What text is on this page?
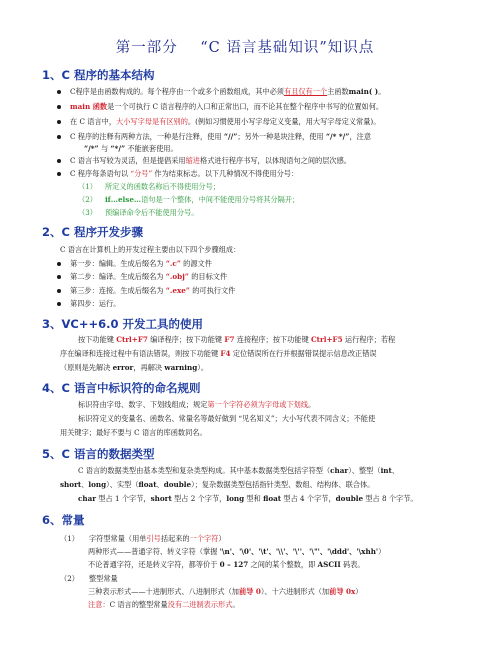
第一部分 “C 语言基础知识”知识点
1、C 程序的基本结构
C程序是由函数构成的。每个程序由一个或多个函数组成，其中必须有且仅有一个主函数main( )。
main 函数是一个可执行 C 语言程序的入口和正常出口，而不论其在整个程序中书写的位置如何。
在 C 语言中，大小写字母是有区别的。(例如习惯使用小写字母定义变量，用大写字母定义常量)。
C 程序的注释有两种方法，一种是行注释，使用 “//”；另外一种是块注释，使用 “/* */”，注意
“/*” 与 “*/” 不能嵌套使用。
C 语言书写较为灵活，但是提倡采用缩进格式进行程序书写，以体现语句之间的层次感。
C 程序每条语句以 “分号” 作为结束标志。以下几种情况不得使用分号：
（1） 所定义的函数名称后不得使用分号；
（2） if…else…语句是一个整体，中间不能使用分号将其分隔开；
（3） 预编译命令后不能使用分号。
2、C 程序开发步骤
C 语言在计算机上的开发过程主要由以下四个步骤组成：
第一步：编辑。生成后缀名为 “.c” 的源文件
第二步：编译。生成后缀名为 “.obj” 的目标文件
第三步：连接。生成后缀名为 “.exe” 的可执行文件
第四步：运行。
3、VC++6.0 开发工具的使用
按下功能键 Ctrl+F7 编译程序；按下功能键 F7 连接程序；按下功能键 Ctrl+F5 运行程序；若程
序在编译和连接过程中有语法错误，则按下功能键 F4 定位错误所在行并根据错误提示信息改正错误
（原则是先解决 error，再解决 warning）。
4、C 语言中标识符的命名规则
标识符由字母、数字、下划线组成；规定第一个字符必须为字母或下划线。
标识符定义的变量名、函数名、常量名等最好做到 “见名知义”；大小写代表不同含义；不能使
用关键字；最好不要与 C 语言的库函数同名。
5、C 语言的数据类型
C 语言的数据类型由基本类型和复杂类型构成。其中基本数据类型包括字符型（char）、整型（int、
short、long）、实型（float、double）；复杂数据类型包括指针类型、数组、结构体、联合体。
char 型占 1 个字节，short 型占 2 个字节，long 型和 float 型占 4 个字节，double 型占 8 个字节。
6、常量
（1） 字符型常量（用单引号括起来的一个字符）
两种形式——普通字符、转义字符（掌握 '\n'、'\0'、'\t'、'\\'、'\''、'\"'、'\ddd'、'\xhh'）
不论普通字符，还是转义字符，都等价于 0 – 127 之间的某个整数，即 ASCII 码表。
（2） 整型常量
三种表示形式——十进制形式、八进制形式（加前导 0）、十六进制形式（加前导 0x）
注意：C 语言的整型常量没有二进制表示形式。
